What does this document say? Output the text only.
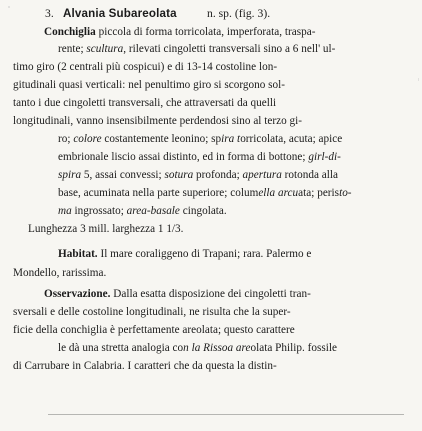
3. Alvania Subareolata	n. sp. (fig. 3).
Conchiglia piccola di forma torricolata, imperforata, traspa-
rente; scultura, rilevati cingoletti transversali sino a 6 nell' ul-
timo giro (2 centrali più cospicui) e di 13-14 costoline lon-
gitudinali quasi verticali: nel penultimo giro si scorgono sol-
tanto i due cingoletti transversali, che attraversati da quelli
longitudinali, vanno insensibilmente perdendosi sino al terzo gi-
ro; colore costantemente leonino; spira torricolata, acuta; apice
embrionale liscio assai distinto, ed in forma di bottone; girl-di-
spira 5, assai convessi; sotura profonda; apertura rotonda alla
base, acuminata nella parte superiore; columella arcuata; peristo-
ma ingrossato; area-basale cingolata.
Lunghezza 3 mill. larghezza 1 1/3.
Habitat. Il mare coraliggeno di Trapani; rara. Palermo e
Mondello, rarissima.
Osservazione. Dalla esatta disposizione dei cingoletti tran-
sversali e delle costoline longitudinali, ne risulta che la super-
ficie della conchiglia è perfettamente areolata; questo carattere
le dà una stretta analogia con la Rissoa areolata Philip. fossile
di Carrubare in Calabria. I caratteri che da questa la distin-
